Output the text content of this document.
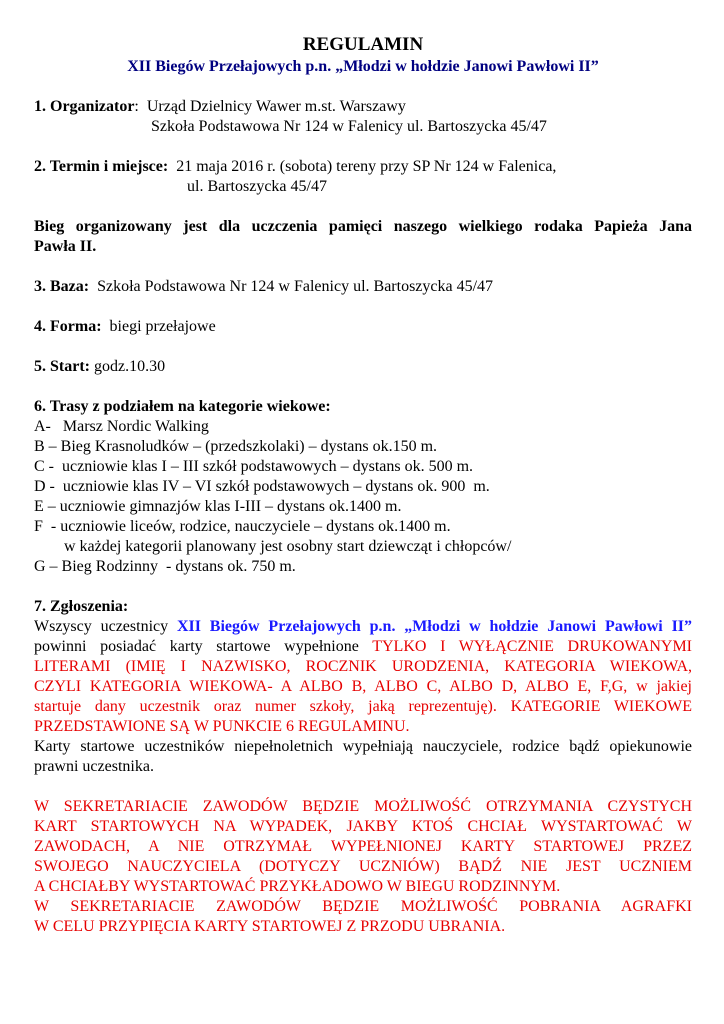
REGULAMIN
XII Biegów Przełajowych p.n. „Młodzi w hołdzie Janowi Pawłowi II”
1. Organizator:  Urząd Dzielnicy Wawer m.st. Warszawy
Szkoła Podstawowa Nr 124 w Falenicy ul. Bartoszycka 45/47
2. Termin i miejsce: 21 maja 2016 r. (sobota) tereny przy SP Nr 124 w Falenica,
ul. Bartoszycka 45/47
Bieg organizowany jest dla uczczenia pamięci naszego wielkiego rodaka Papieża Jana
Pawła II.
3. Baza: Szkoła Podstawowa Nr 124 w Falenicy ul. Bartoszycka 45/47
4. Forma: biegi przełajowe
5. Start: godz.10.30
6. Trasy z podziałem na kategorie wiekowe:
A-   Marsz Nordic Walking
B – Bieg Krasnoludków – (przedszkolaki) – dystans ok.150 m.
C -  uczniowie klas I – III szkół podstawowych – dystans ok. 500 m.
D -  uczniowie klas IV – VI szkół podstawowych – dystans ok. 900  m.
E – uczniowie gimnazjów klas I-III – dystans ok.1400 m.
F  - uczniowie liceów, rodzice, nauczyciele – dystans ok.1400 m.
w każdej kategorii planowany jest osobny start dziewcząt i chłopców/
G – Bieg Rodzinny  - dystans ok. 750 m.
7. Zgłoszenia:
Wszyscy uczestnicy XII Biegów Przełajowych p.n. „Młodzi w hołdzie Janowi Pawłowi II”
powinni posiadać karty startowe wypełnione TYLKO I WYŁĄCZNIE DRUKOWANYMI
LITERAMI (IMIĘ I NAZWISKO, ROCZNIK URODZENIA, KATEGORIA WIEKOWA,
CZYLI KATEGORIA WIEKOWA- A ALBO B, ALBO C, ALBO D, ALBO E, F,G, w jakiej
startuje dany uczestnik oraz numer szkoły, jaką reprezentuję). KATEGORIE WIEKOWE
PRZEDSTAWIONE SĄ W PUNKCIE 6 REGULAMINU.
Karty startowe uczestników niepełnoletnich wypełniają nauczyciele, rodzice bądź opiekunowie
prawni uczestnika.
W SEKRETARIACIE ZAWODÓW BĘDZIE MOŻLIWOŚĆ OTRZYMANIA CZYSTYCH
KART STARTOWYCH NA WYPADEK, JAKBY KTOŚ CHCIAŁ WYSTARTOWAĆ W
ZAWODACH, A NIE OTRZYMAŁ WYPEŁNIONEJ KARTY STARTOWEJ PRZEZ
SWOJEGO NAUCZYCIELA (DOTYCZY UCZNIÓW) BĄDŹ NIE JEST UCZNIEM
A CHCIAŁBY WYSTARTOWAĆ PRZYKŁADOWO W BIEGU RODZINNYM.
W SEKRETARIACIE ZAWODÓW BĘDZIE MOŻLIWOŚĆ POBRANIA AGRAFKI
W CELU PRZYPIĘCIA KARTY STARTOWEJ Z PRZODU UBRANIA.
